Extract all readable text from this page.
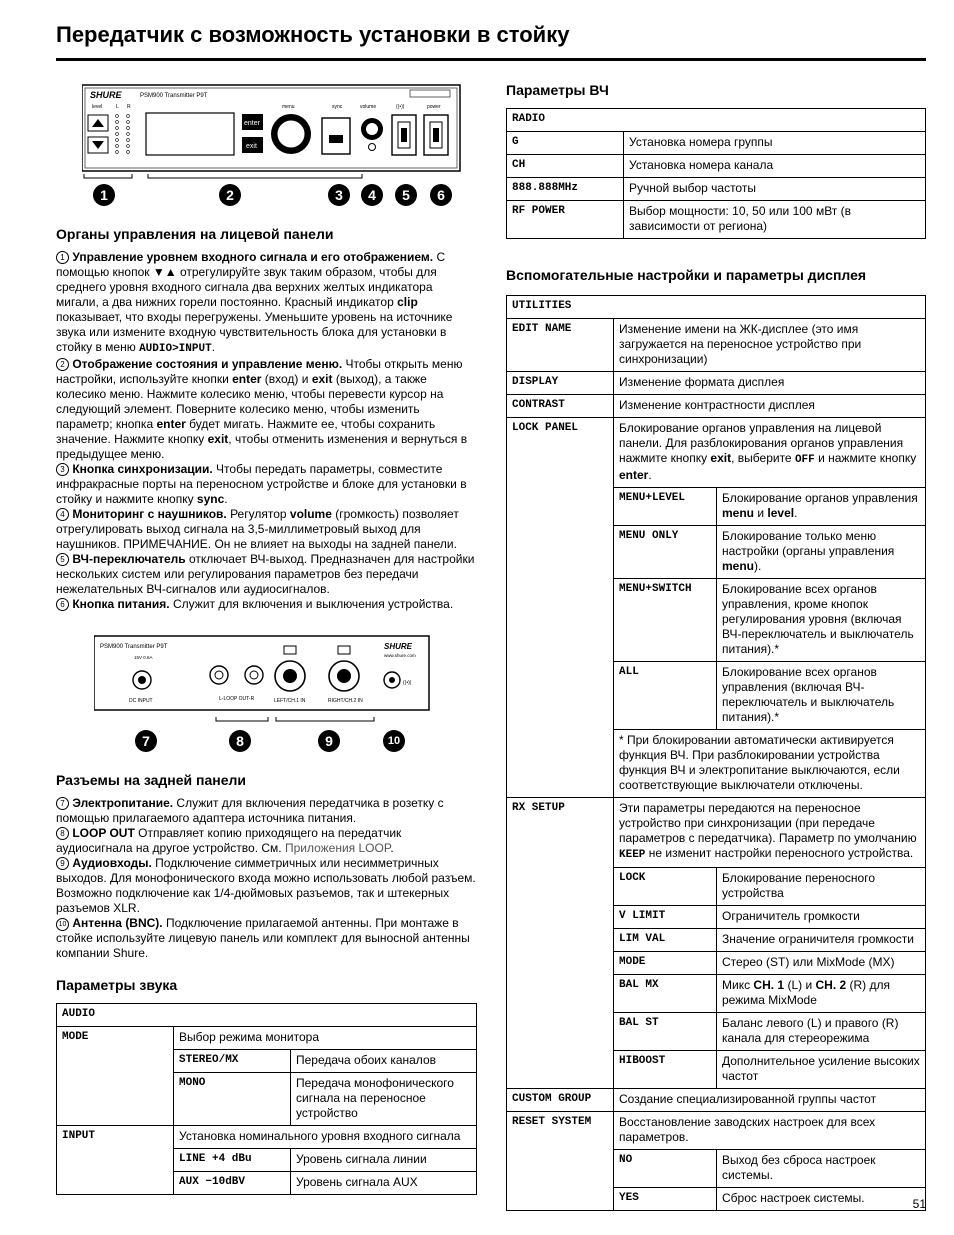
Передатчик с возможность установки в стойку
SHURE	PSM900 Transmitter P9T
level	L R	menu	sync	volume	((•))	power
enter
exit
1	2	3	4	5	6
Органы управления на лицевой панели

1 Управление уровнем входного сигнала и его отображением. С помощью кнопок ▼▲ отрегулируйте звук таким образом, чтобы для среднего уровня входного сигнала два верхних желтых индикатора мигали, а два нижних горели постоянно. Красный индикатор clip показывает, что входы перегружены. Уменьшите уровень на источнике звука или измените входную чувствительность блока для установки в стойку в меню AUDIO>INPUT.

2 Отображение состояния и управление меню. Чтобы открыть меню настройки, используйте кнопки enter (вход) и exit (выход), а также колесико меню. Нажмите колесико меню, чтобы перевести курсор на следующий элемент. Поверните колесико меню, чтобы изменить параметр; кнопка enter будет мигать. Нажмите ее, чтобы сохранить значение. Нажмите кнопку exit, чтобы отменить изменения и вернуться в предыдущее меню.

3 Кнопка синхронизации. Чтобы передать параметры, совместите инфракрасные порты на переносном устройстве и блоке для установки в стойку и нажмите кнопку sync.

4 Мониторинг с наушников. Регулятор volume (громкость) позволяет отрегулировать выход сигнала на 3,5-миллиметровый выход для наушников. ПРИМЕЧАНИЕ. Он не влияет на выходы на задней панели.

5 ВЧ-переключатель отключает ВЧ-выход. Предназначен для настройки нескольких систем или регулирования параметров без передачи нежелательных ВЧ-сигналов или аудиосигналов.

6 Кнопка питания. Служит для включения и выключения устройства.

PSM900 Transmitter P9T	SHURE
www.shure.com
15V 0.6A
DC INPUT	L-LOOP OUT-R	LEFT/CH.1 IN	RIGHT/CH.2 IN
((•))
7	8	9	10
Разъемы на задней панели

7 Электропитание. Служит для включения передатчика в розетку с помощью прилагаемого адаптера источника питания.

8 LOOP OUT Отправляет копию приходящего на передатчик аудиосигнала на другое устройство. См. Приложения LOOP.

9 Аудиовходы. Подключение симметричных или несимметричных выходов. Для монофонического входа можно использовать любой разъем. Возможно подключение как 1/4-дюймовых разъемов, так и штекерных разъемов XLR.

10 Антенна (BNC). Подключение прилагаемой антенны. При монтаже в стойке используйте лицевую панель или комплект для выносной антенны компании Shure.

Параметры звука
AUDIO		
MODE	Выбор режима монитора	
	STEREO/MX	Передача обоих каналов
	MONO	Передача монофонического сигнала на переносное устройство
INPUT	Установка номинального уровня входного сигнала	
	LINE +4 dBu	Уровень сигнала линии
	AUX −10dBV	Уровень сигнала AUX
Параметры ВЧ
RADIO	
G	Установка номера группы
CH	Установка номера канала
888.888MHz	Ручной выбор частоты
RF POWER	Выбор мощности: 10, 50 или 100 мВт (в зависимости от региона)
Вспомогательные настройки и параметры дисплея
UTILITIES		
EDIT NAME	Изменение имени на ЖК-дисплее (это имя загружается на переносное устройство при синхронизации)	
DISPLAY	Изменение формата дисплея	
CONTRAST	Изменение контрастности дисплея	
LOCK PANEL	Блокирование органов управления на лицевой панели. Для разблокирования органов управления нажмите кнопку exit, выберите OFF и нажмите кнопку enter.	
	MENU+LEVEL	Блокирование органов управления menu и level.
	MENU ONLY	Блокирование только меню настройки (органы управления menu).
	MENU+SWITCH	Блокирование всех органов управления, кроме кнопок регулирования уровня (включая ВЧ-переключатель и выключатель питания).*
	ALL	Блокирование всех органов управления (включая ВЧ-переключатель и выключатель питания).*
	* При блокировании автоматически активируется функция ВЧ. При разблокировании устройства функция ВЧ и электропитание выключаются, если соответствующие выключатели отключены.	
RX SETUP	Эти параметры передаются на переносное устройство при синхронизации (при передаче параметров с передатчика). Параметр по умолчанию KEEP не изменит настройки переносного устройства.	
	LOCK	Блокирование переносного устройства
	V LIMIT	Ограничитель громкости
	LIM VAL	Значение ограничителя громкости
	MODE	Стерео (ST) или MixMode (MX)
	BAL MX	Микс CH. 1 (L) и CH. 2 (R) для режима MixMode
	BAL ST	Баланс левого (L) и правого (R) канала для стереорежима
	HIBOOST	Дополнительное усиление высоких частот
CUSTOM GROUP	Создание специализированной группы частот	
RESET SYSTEM	Восстановление заводских настроек для всех параметров.	
	NO	Выход без сброса настроек системы.
	YES	Сброс настроек системы.	51
